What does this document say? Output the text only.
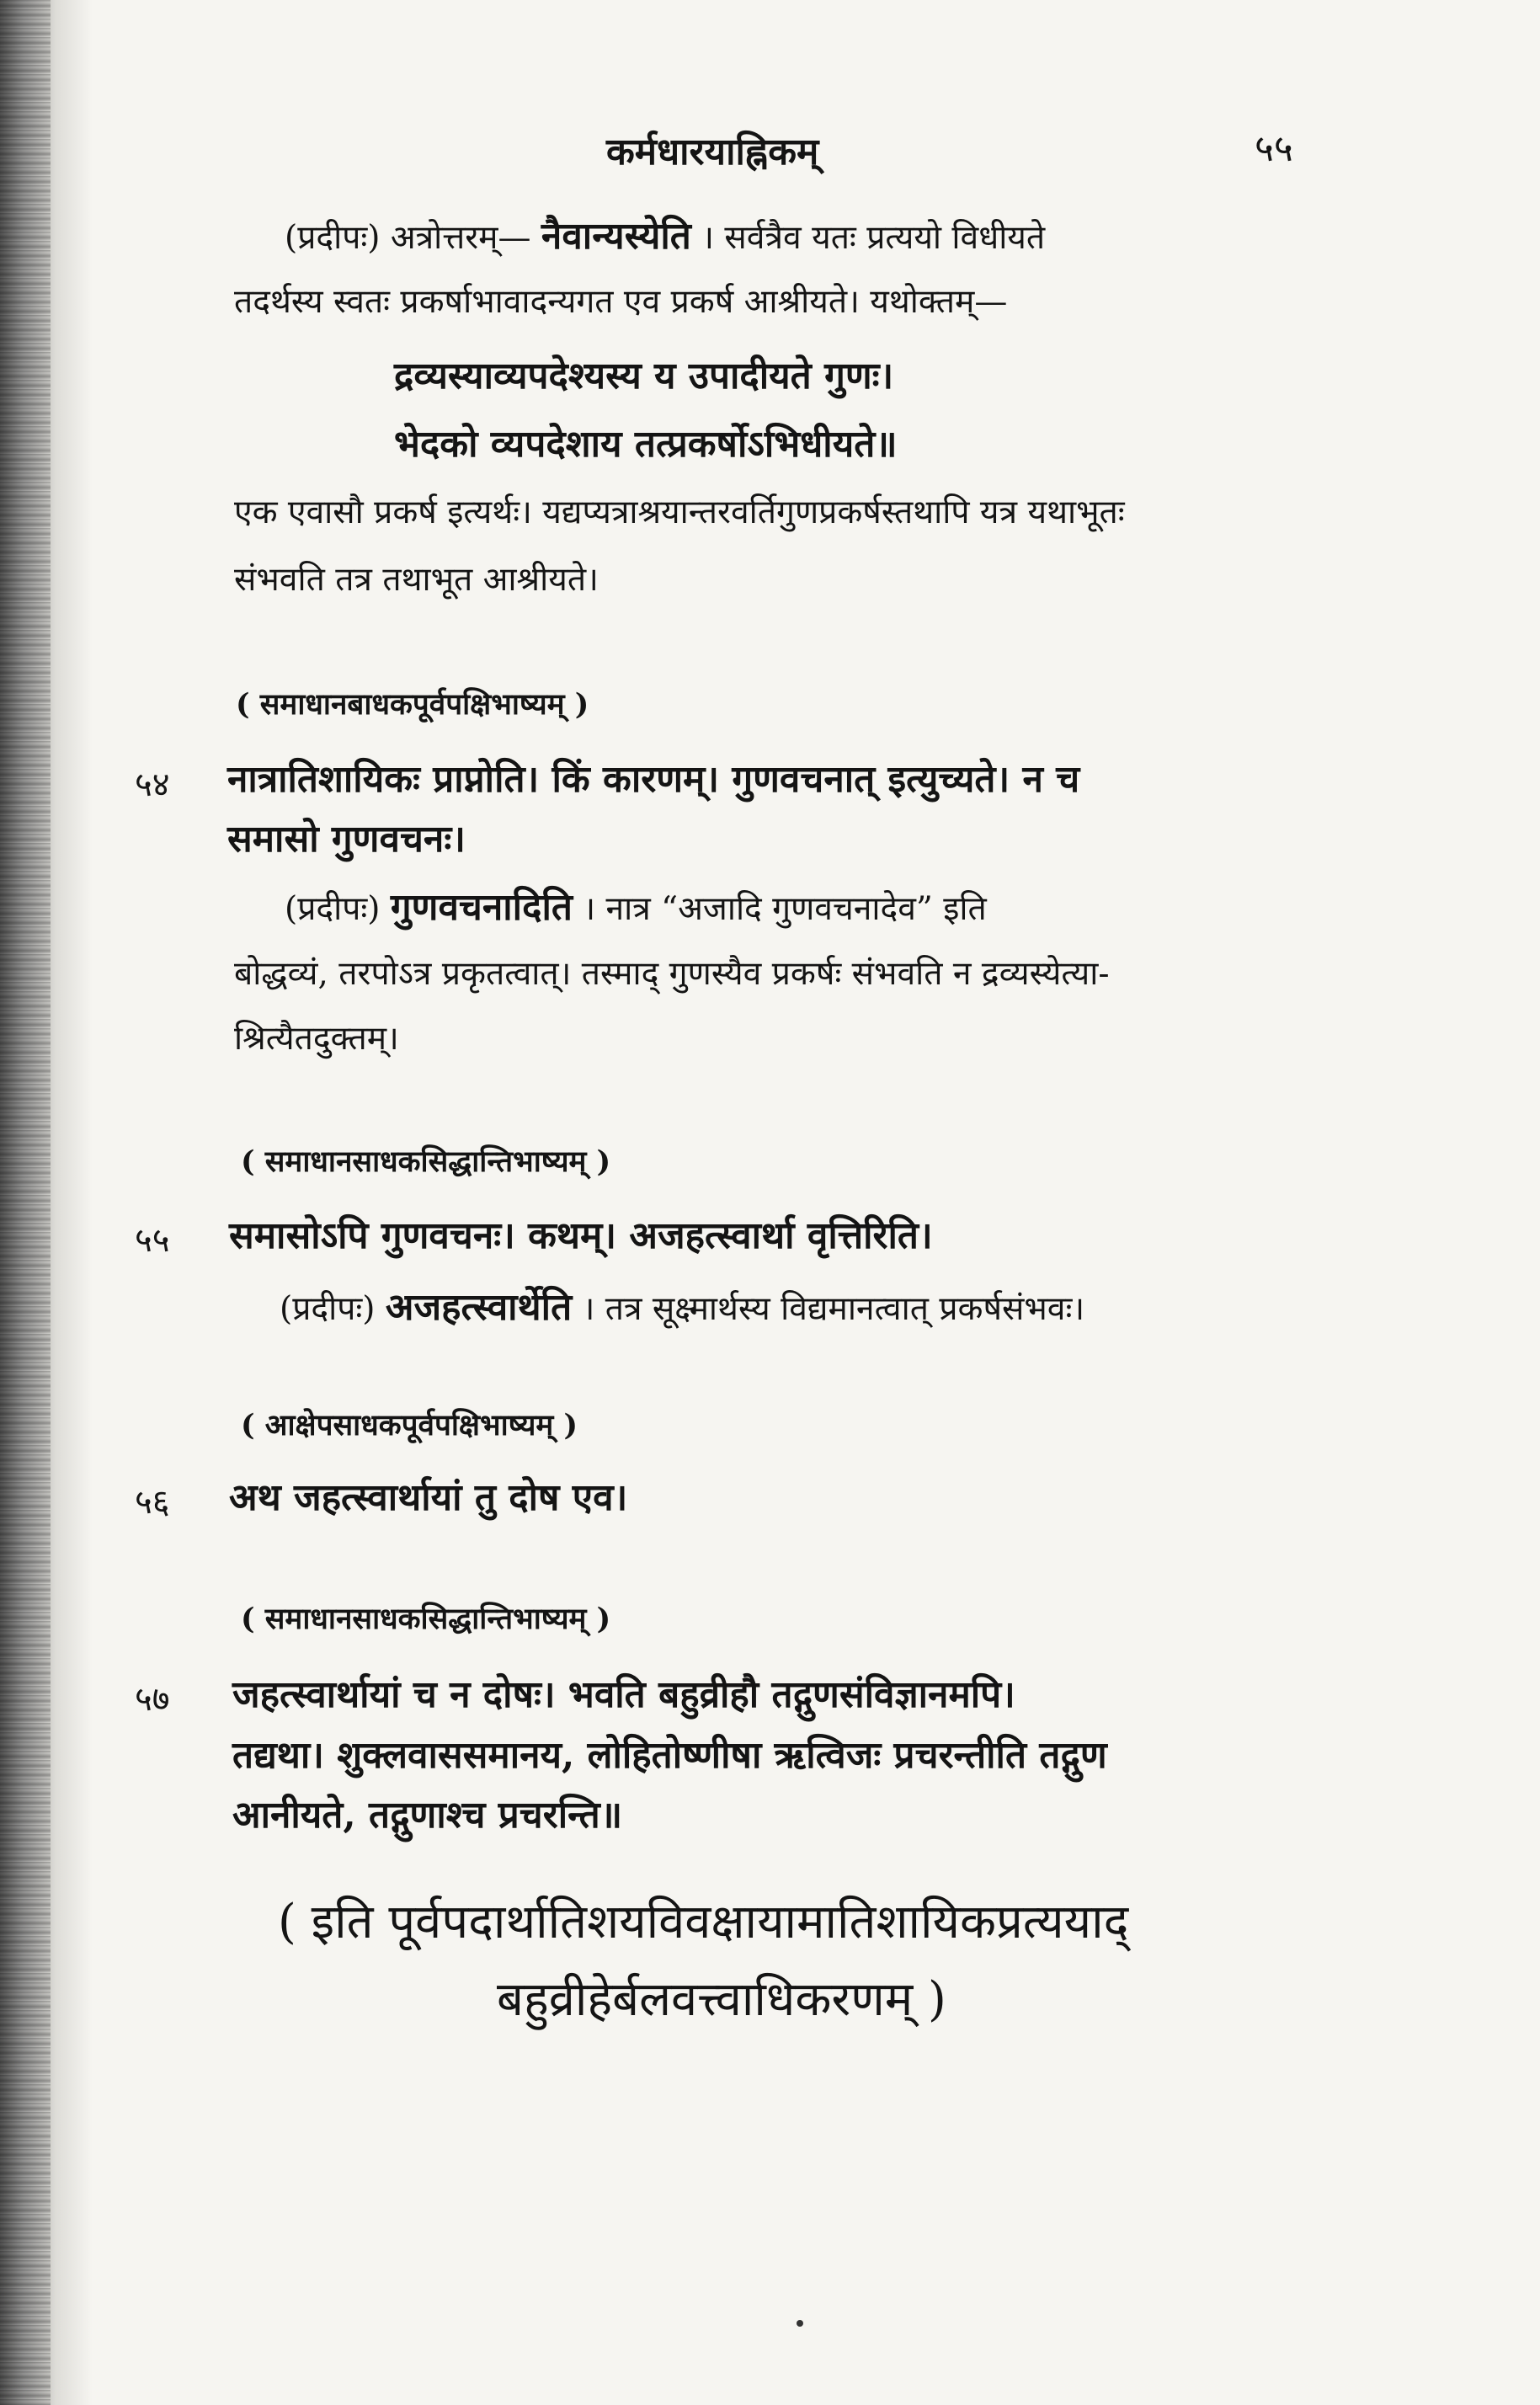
कर्मधारयाह्निकम्	५५
(प्रदीपः) अत्रोत्तरम्— नैवान्यस्येति । सर्वत्रैव यतः प्रत्ययो विधीयते
तदर्थस्य स्वतः प्रकर्षाभावादन्यगत एव प्रकर्ष आश्रीयते। यथोक्तम्—
द्रव्यस्याव्यपदेश्यस्य य उपादीयते गुणः।
भेदको व्यपदेशाय तत्प्रकर्षोऽभिधीयते॥
एक एवासौ प्रकर्ष इत्यर्थः। यद्यप्यत्राश्रयान्तरवर्तिगुणप्रकर्षस्तथापि यत्र यथाभूतः
संभवति तत्र तथाभूत आश्रीयते।
( समाधानबाधकपूर्वपक्षिभाष्यम् )
५४ नात्रातिशायिकः प्राप्नोति। किं कारणम्। गुणवचनात् इत्युच्यते। न च
समासो गुणवचनः।
(प्रदीपः) गुणवचनादिति । नात्र “अजादि गुणवचनादेव” इति
बोद्धव्यं, तरपोऽत्र प्रकृतत्वात्। तस्माद् गुणस्यैव प्रकर्षः संभवति न द्रव्यस्येत्या-
श्रित्यैतदुक्तम्।
( समाधानसाधकसिद्धान्तिभाष्यम् )
५५ समासोऽपि गुणवचनः। कथम्। अजहत्स्वार्था वृत्तिरिति।
(प्रदीपः) अजहत्स्वार्थेति । तत्र सूक्ष्मार्थस्य विद्यमानत्वात् प्रकर्षसंभवः।
( आक्षेपसाधकपूर्वपक्षिभाष्यम् )
५६ अथ जहत्स्वार्थायां तु दोष एव।
( समाधानसाधकसिद्धान्तिभाष्यम् )
५७ जहत्स्वार्थायां च न दोषः। भवति बहुव्रीहौ तद्गुणसंविज्ञानमपि।
तद्यथा। शुक्लवाससमानय, लोहितोष्णीषा ऋत्विजः प्रचरन्तीति तद्गुण
आनीयते, तद्गुणाश्च प्रचरन्ति॥
( इति पूर्वपदार्थातिशयविवक्षायामातिशायिकप्रत्ययाद्
बहुव्रीहेर्बलवत्त्वाधिकरणम् )
